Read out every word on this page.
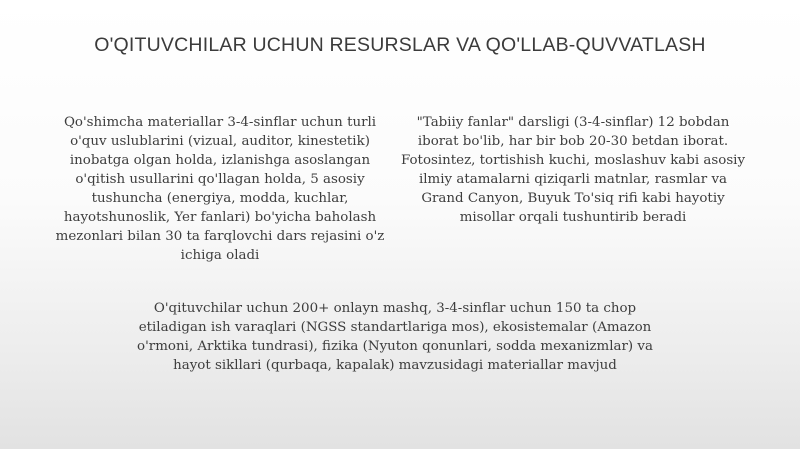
O'QITUVCHILAR UCHUN RESURSLAR VA QO'LLAB-QUVVATLASH

Qo'shimcha materiallar 3-4-sinflar uchun turli o'quv uslublarini (vizual, auditor, kinestetik) inobatga olgan holda, izlanishga asoslangan o'qitish usullarini qo'llagan holda, 5 asosiy tushuncha (energiya, modda, kuchlar, hayotshunoslik, Yer fanlari) bo'yicha baholash mezonlari bilan 30 ta farqlovchi dars rejasini o'z ichiga oladi

"Tabiiy fanlar" darsligi (3-4-sinflar) 12 bobdan iborat bo'lib, har bir bob 20-30 betdan iborat. Fotosintez, tortishish kuchi, moslashuv kabi asosiy ilmiy atamalarni qiziqarli matnlar, rasmlar va Grand Canyon, Buyuk To'siq rifi kabi hayotiy misollar orqali tushuntirib beradi

O'qituvchilar uchun 200+ onlayn mashq, 3-4-sinflar uchun 150 ta chop etiladigan ish varaqlari (NGSS standartlariga mos), ekosistemalar (Amazon o'rmoni, Arktika tundrasi), fizika (Nyuton qonunlari, sodda mexanizmlar) va hayot sikllari (qurbaqa, kapalak) mavzusidagi materiallar mavjud
